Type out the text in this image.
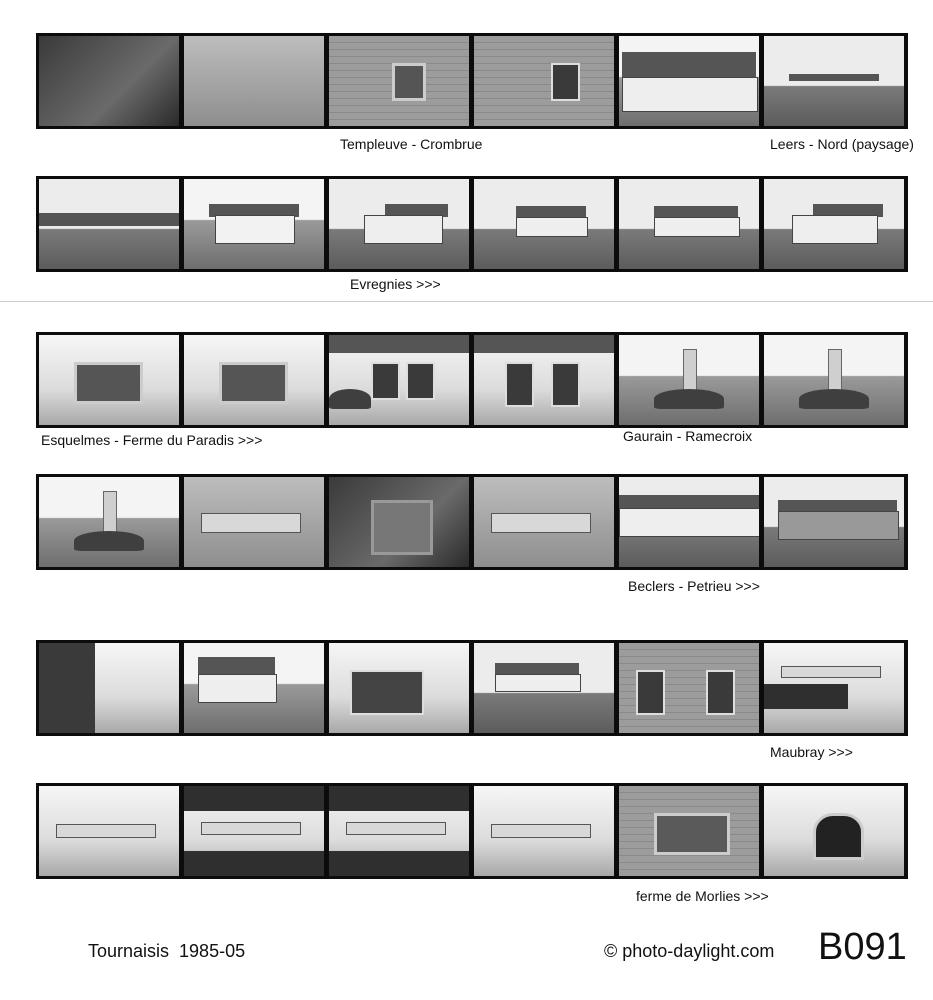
Templeuve - Crombrue	Leers - Nord (paysage)
Evregnies >>>
Esquelmes - Ferme du Paradis >>>	Gaurain - Ramecroix
Beclers - Petrieu >>>
Maubray >>>
ferme de Morlies >>>
Tournaisis  1985-05	© photo-daylight.com B091
